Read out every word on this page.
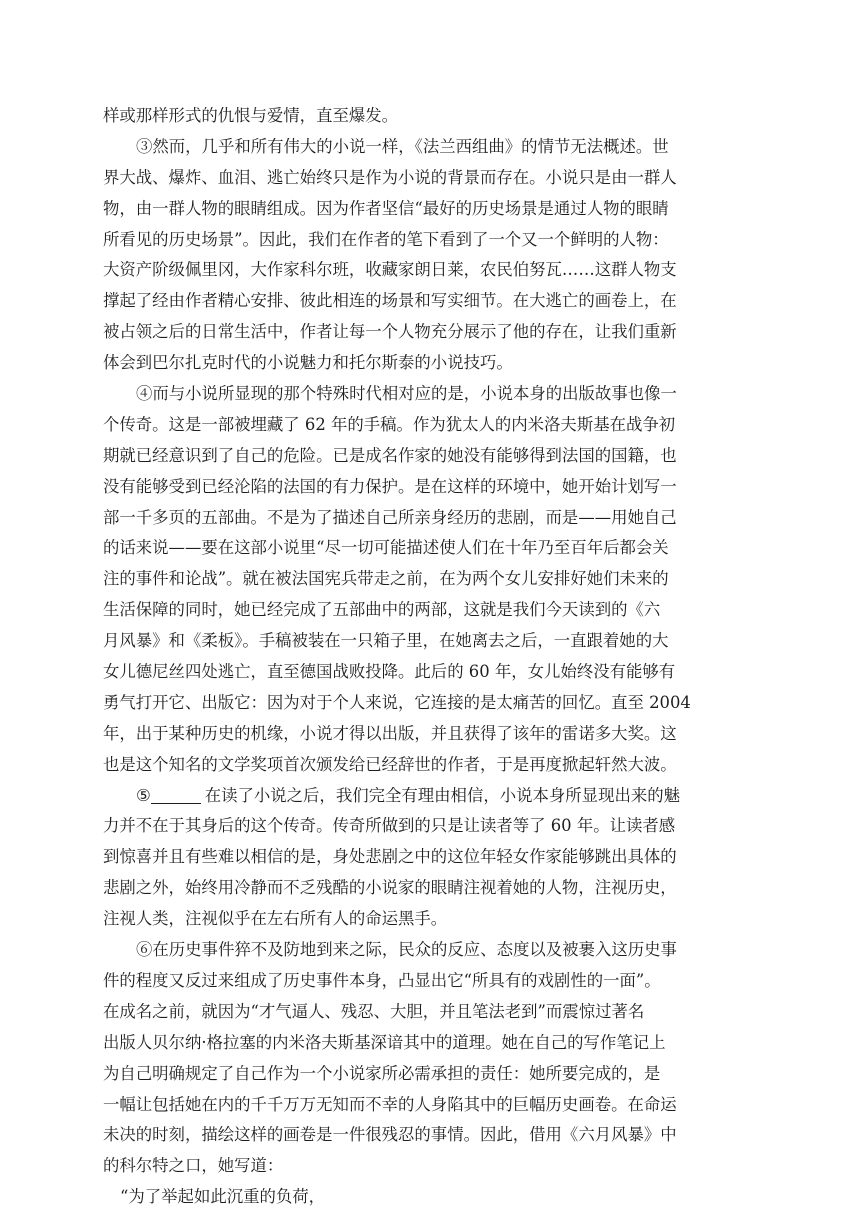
样或那样形式的仇恨与爱情，直至爆发。
③然而，几乎和所有伟大的小说一样，《法兰西组曲》的情节无法概述。世
界大战、爆炸、血泪、逃亡始终只是作为小说的背景而存在。小说只是由一群人
物，由一群人物的眼睛组成。因为作者坚信“最好的历史场景是通过人物的眼睛
所看见的历史场景”。因此，我们在作者的笔下看到了一个又一个鲜明的人物：
大资产阶级佩里冈，大作家科尔班，收藏家朗日莱，农民伯努瓦……这群人物支
撑起了经由作者精心安排、彼此相连的场景和写实细节。在大逃亡的画卷上，在
被占领之后的日常生活中，作者让每一个人物充分展示了他的存在，让我们重新
体会到巴尔扎克时代的小说魅力和托尔斯泰的小说技巧。
④而与小说所显现的那个特殊时代相对应的是，小说本身的出版故事也像一
个传奇。这是一部被埋藏了 62 年的手稿。作为犹太人的内米洛夫斯基在战争初
期就已经意识到了自己的危险。已是成名作家的她没有能够得到法国的国籍，也
没有能够受到已经沦陷的法国的有力保护。是在这样的环境中，她开始计划写一
部一千多页的五部曲。不是为了描述自己所亲身经历的悲剧，而是——用她自己
的话来说——要在这部小说里“尽一切可能描述使人们在十年乃至百年后都会关
注的事件和论战”。就在被法国宪兵带走之前，在为两个女儿安排好她们未来的
生活保障的同时，她已经完成了五部曲中的两部，这就是我们今天读到的《六
月风暴》和《柔板》。手稿被装在一只箱子里，在她离去之后，一直跟着她的大
女儿德尼丝四处逃亡，直至德国战败投降。此后的 60 年，女儿始终没有能够有
勇气打开它、出版它：因为对于个人来说，它连接的是太痛苦的回忆。直至 2004
年，出于某种历史的机缘，小说才得以出版，并且获得了该年的雷诺多大奖。这
也是这个知名的文学奖项首次颁发给已经辞世的作者，于是再度掀起轩然大波。
⑤	在读了小说之后，我们完全有理由相信，小说本身所显现出来的魅
力并不在于其身后的这个传奇。传奇所做到的只是让读者等了 60 年。让读者感
到惊喜并且有些难以相信的是，身处悲剧之中的这位年轻女作家能够跳出具体的
悲剧之外，始终用冷静而不乏残酷的小说家的眼睛注视着她的人物，注视历史，
注视人类，注视似乎在左右所有人的命运黑手。
⑥在历史事件猝不及防地到来之际，民众的反应、态度以及被裹入这历史事
件的程度又反过来组成了历史事件本身，凸显出它“所具有的戏剧性的一面”。
在成名之前，就因为“才气逼人、残忍、大胆，并且笔法老到”而震惊过著名
出版人贝尔纳·格拉塞的内米洛夫斯基深谙其中的道理。她在自己的写作笔记上
为自己明确规定了自己作为一个小说家所必需承担的责任：她所要完成的，是
一幅让包括她在内的千千万万无知而不幸的人身陷其中的巨幅历史画卷。在命运
未决的时刻，描绘这样的画卷是一件很残忍的事情。因此，借用《六月风暴》中
的科尔特之口，她写道：
“为了举起如此沉重的负荷，
